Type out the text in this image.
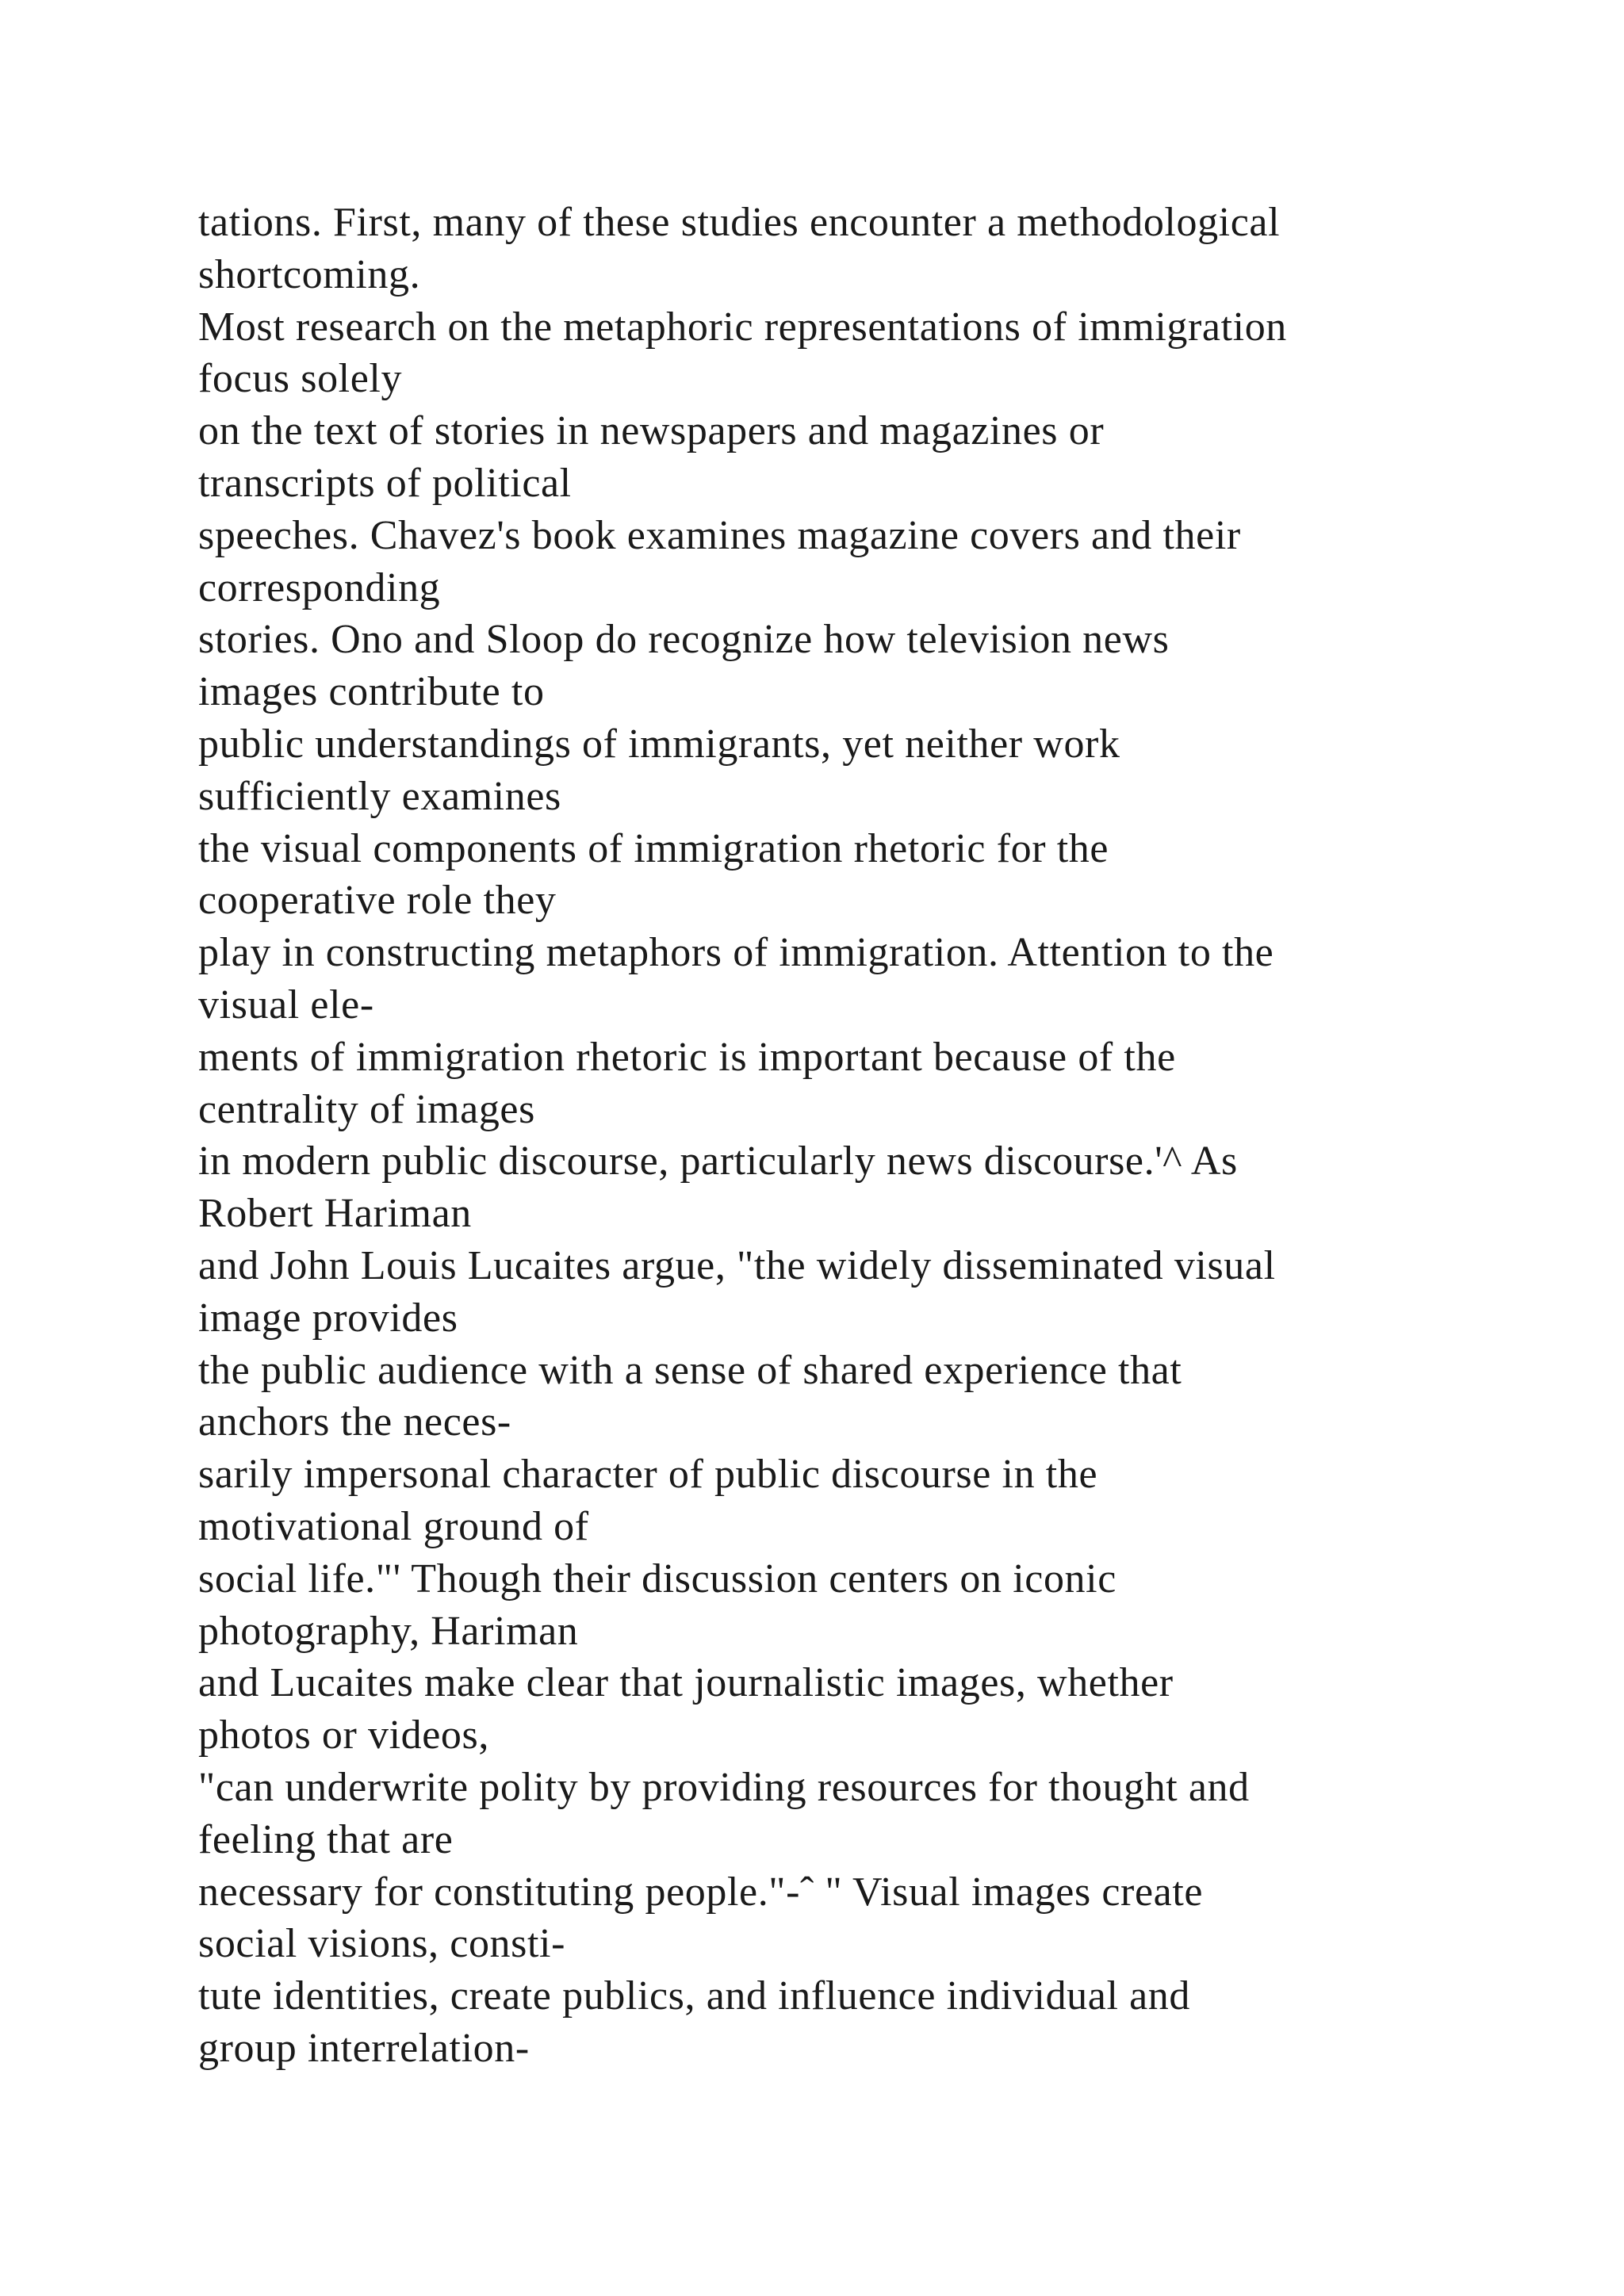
tations. First, many of these studies encounter a methodological
shortcoming.
Most research on the metaphoric representations of immigration
focus solely
on the text of stories in newspapers and magazines or
transcripts of political
speeches. Chavez's book examines magazine covers and their
corresponding
stories. Ono and Sloop do recognize how television news
images contribute to
public understandings of immigrants, yet neither work
sufficiently examines
the visual components of immigration rhetoric for the
cooperative role they
play in constructing metaphors of immigration. Attention to the
visual ele-
ments of immigration rhetoric is important because of the
centrality of images
in modern public discourse, particularly news discourse.'^ As
Robert Hariman
and John Louis Lucaites argue, "the widely disseminated visual
image provides
the public audience with a sense of shared experience that
anchors the neces-
sarily impersonal character of public discourse in the
motivational ground of
social life."' Though their discussion centers on iconic
photography, Hariman
and Lucaites make clear that journalistic images, whether
photos or videos,
"can underwrite polity by providing resources for thought and
feeling that are
necessary for constituting people."-ˆ " Visual images create
social visions, consti-
tute identities, create publics, and influence individual and
group interrelation-
